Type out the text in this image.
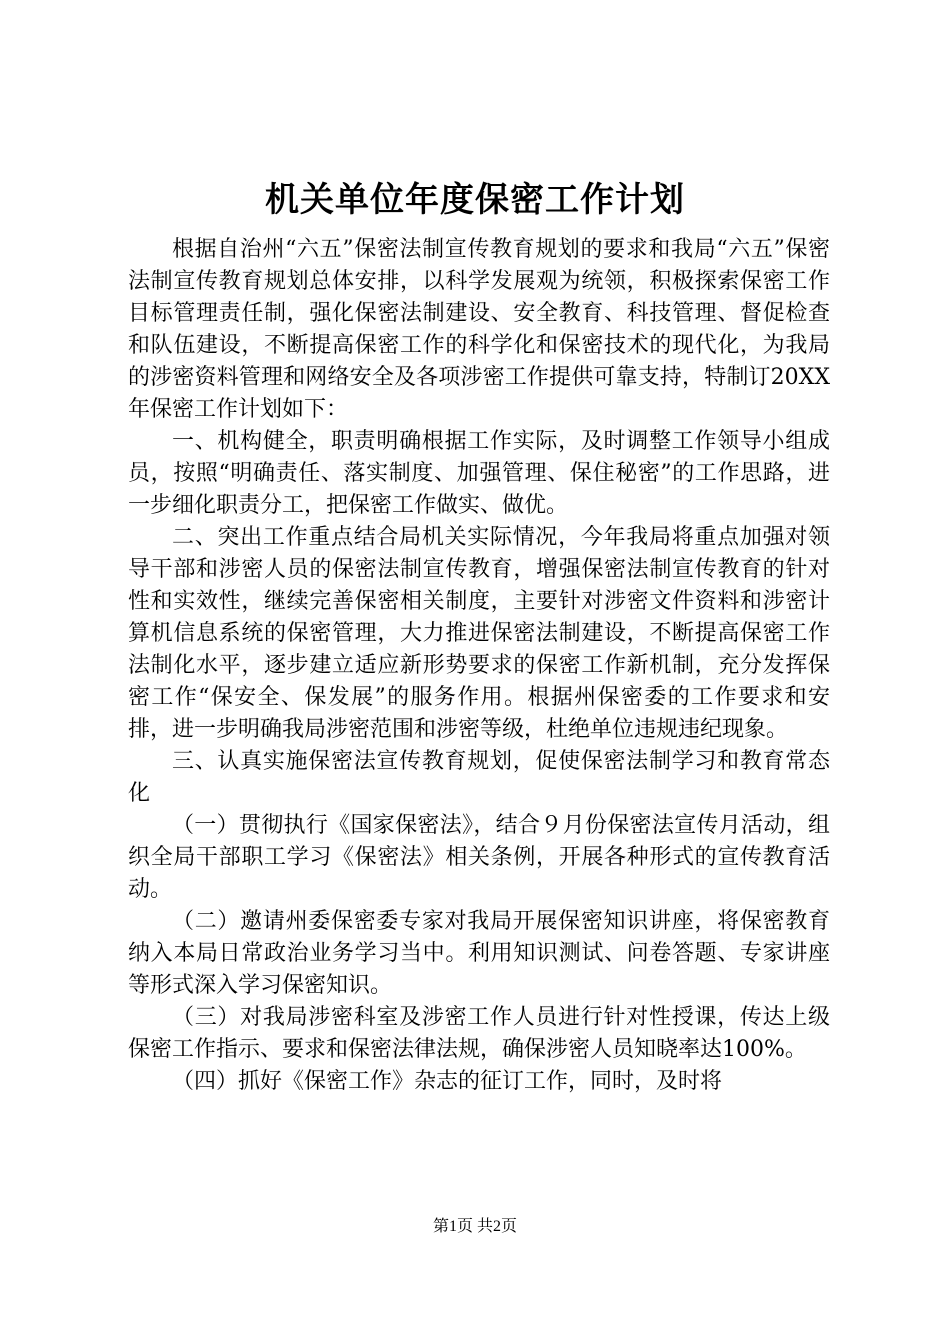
机关单位年度保密工作计划

根据自治州“六五”保密法制宣传教育规划的要求和我局“六五”保密法制宣传教育规划总体安排，以科学发展观为统领，积极探索保密工作目标管理责任制，强化保密法制建设、安全教育、科技管理、督促检查和队伍建设，不断提高保密工作的科学化和保密技术的现代化，为我局的涉密资料管理和网络安全及各项涉密工作提供可靠支持，特制订20XX年保密工作计划如下：

一、机构健全，职责明确根据工作实际，及时调整工作领导小组成员，按照“明确责任、落实制度、加强管理、保住秘密”的工作思路，进一步细化职责分工，把保密工作做实、做优。

二、突出工作重点结合局机关实际情况，今年我局将重点加强对领导干部和涉密人员的保密法制宣传教育，增强保密法制宣传教育的针对性和实效性，继续完善保密相关制度，主要针对涉密文件资料和涉密计算机信息系统的保密管理，大力推进保密法制建设，不断提高保密工作法制化水平，逐步建立适应新形势要求的保密工作新机制，充分发挥保密工作“保安全、保发展”的服务作用。根据州保密委的工作要求和安排，进一步明确我局涉密范围和涉密等级，杜绝单位违规违纪现象。

三、认真实施保密法宣传教育规划，促使保密法制学习和教育常态化

（一）贯彻执行《国家保密法》，结合９月份保密法宣传月活动，组织全局干部职工学习《保密法》相关条例，开展各种形式的宣传教育活动。

（二）邀请州委保密委专家对我局开展保密知识讲座，将保密教育纳入本局日常政治业务学习当中。利用知识测试、问卷答题、专家讲座等形式深入学习保密知识。

（三）对我局涉密科室及涉密工作人员进行针对性授课，传达上级保密工作指示、要求和保密法律法规，确保涉密人员知晓率达100%。

（四）抓好《保密工作》杂志的征订工作，同时，及时将

第1页 共2页
